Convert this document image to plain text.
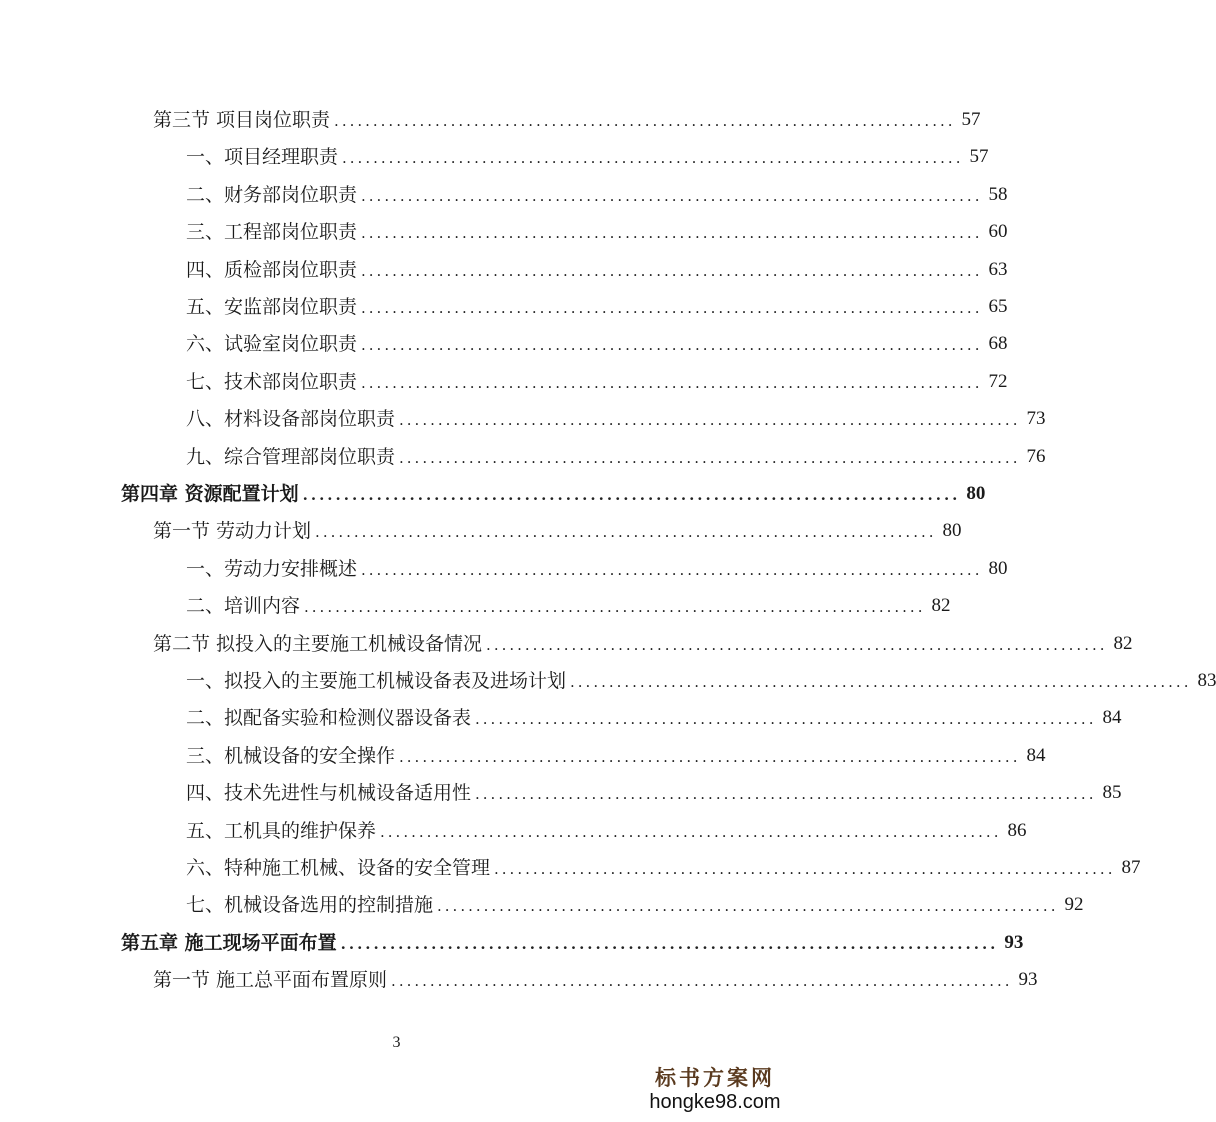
第三节 项目岗位职责 ................................................................................ 57
一、项目经理职责 ................................................................................ 57
二、财务部岗位职责 ................................................................................ 58
三、工程部岗位职责 ................................................................................ 60
四、质检部岗位职责 ................................................................................ 63
五、安监部岗位职责 ................................................................................ 65
六、试验室岗位职责 ................................................................................ 68
七、技术部岗位职责 ................................................................................ 72
八、材料设备部岗位职责 ................................................................................ 73
九、综合管理部岗位职责 ................................................................................ 76
第四章 资源配置计划 ................................................................................ 80
第一节 劳动力计划 ................................................................................ 80
一、劳动力安排概述 ................................................................................ 80
二、培训内容 ................................................................................ 82
第二节 拟投入的主要施工机械设备情况 ................................................................................ 82
一、拟投入的主要施工机械设备表及进场计划 ................................................................................ 83
二、拟配备实验和检测仪器设备表 ................................................................................ 84
三、机械设备的安全操作 ................................................................................ 84
四、技术先进性与机械设备适用性 ................................................................................ 85
五、工机具的维护保养 ................................................................................ 86
六、特种施工机械、设备的安全管理 ................................................................................ 87
七、机械设备选用的控制措施 ................................................................................ 92
第五章 施工现场平面布置 ................................................................................ 93
第一节 施工总平面布置原则 ................................................................................ 93
3
标书方案网
hongke98.com
